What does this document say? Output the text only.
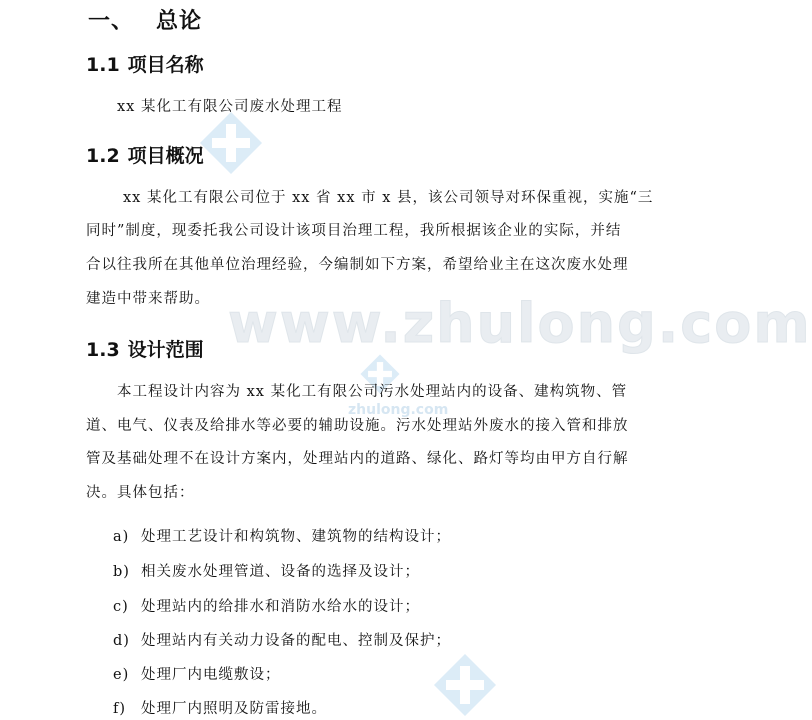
www.zhulong.com
zhulong.com
一、 总论
1.1 项目名称
xx 某化工有限公司废水处理工程
1.2 项目概况
xx 某化工有限公司位于 xx 省 xx 市 x 县，该公司领导对环保重视，实施“三
同时”制度，现委托我公司设计该项目治理工程，我所根据该企业的实际，并结
合以往我所在其他单位治理经验，今编制如下方案，希望给业主在这次废水处理
建造中带来帮助。
1.3 设计范围
本工程设计内容为 xx 某化工有限公司污水处理站内的设备、建构筑物、管
道、电气、仪表及给排水等必要的辅助设施。污水处理站外废水的接入管和排放
管及基础处理不在设计方案内，处理站内的道路、绿化、路灯等均由甲方自行解
决。具体包括：
a) 处理工艺设计和构筑物、建筑物的结构设计；
b) 相关废水处理管道、设备的选择及设计；
c) 处理站内的给排水和消防水给水的设计；
d) 处理站内有关动力设备的配电、控制及保护；
e) 处理厂内电缆敷设；
f) 处理厂内照明及防雷接地。
